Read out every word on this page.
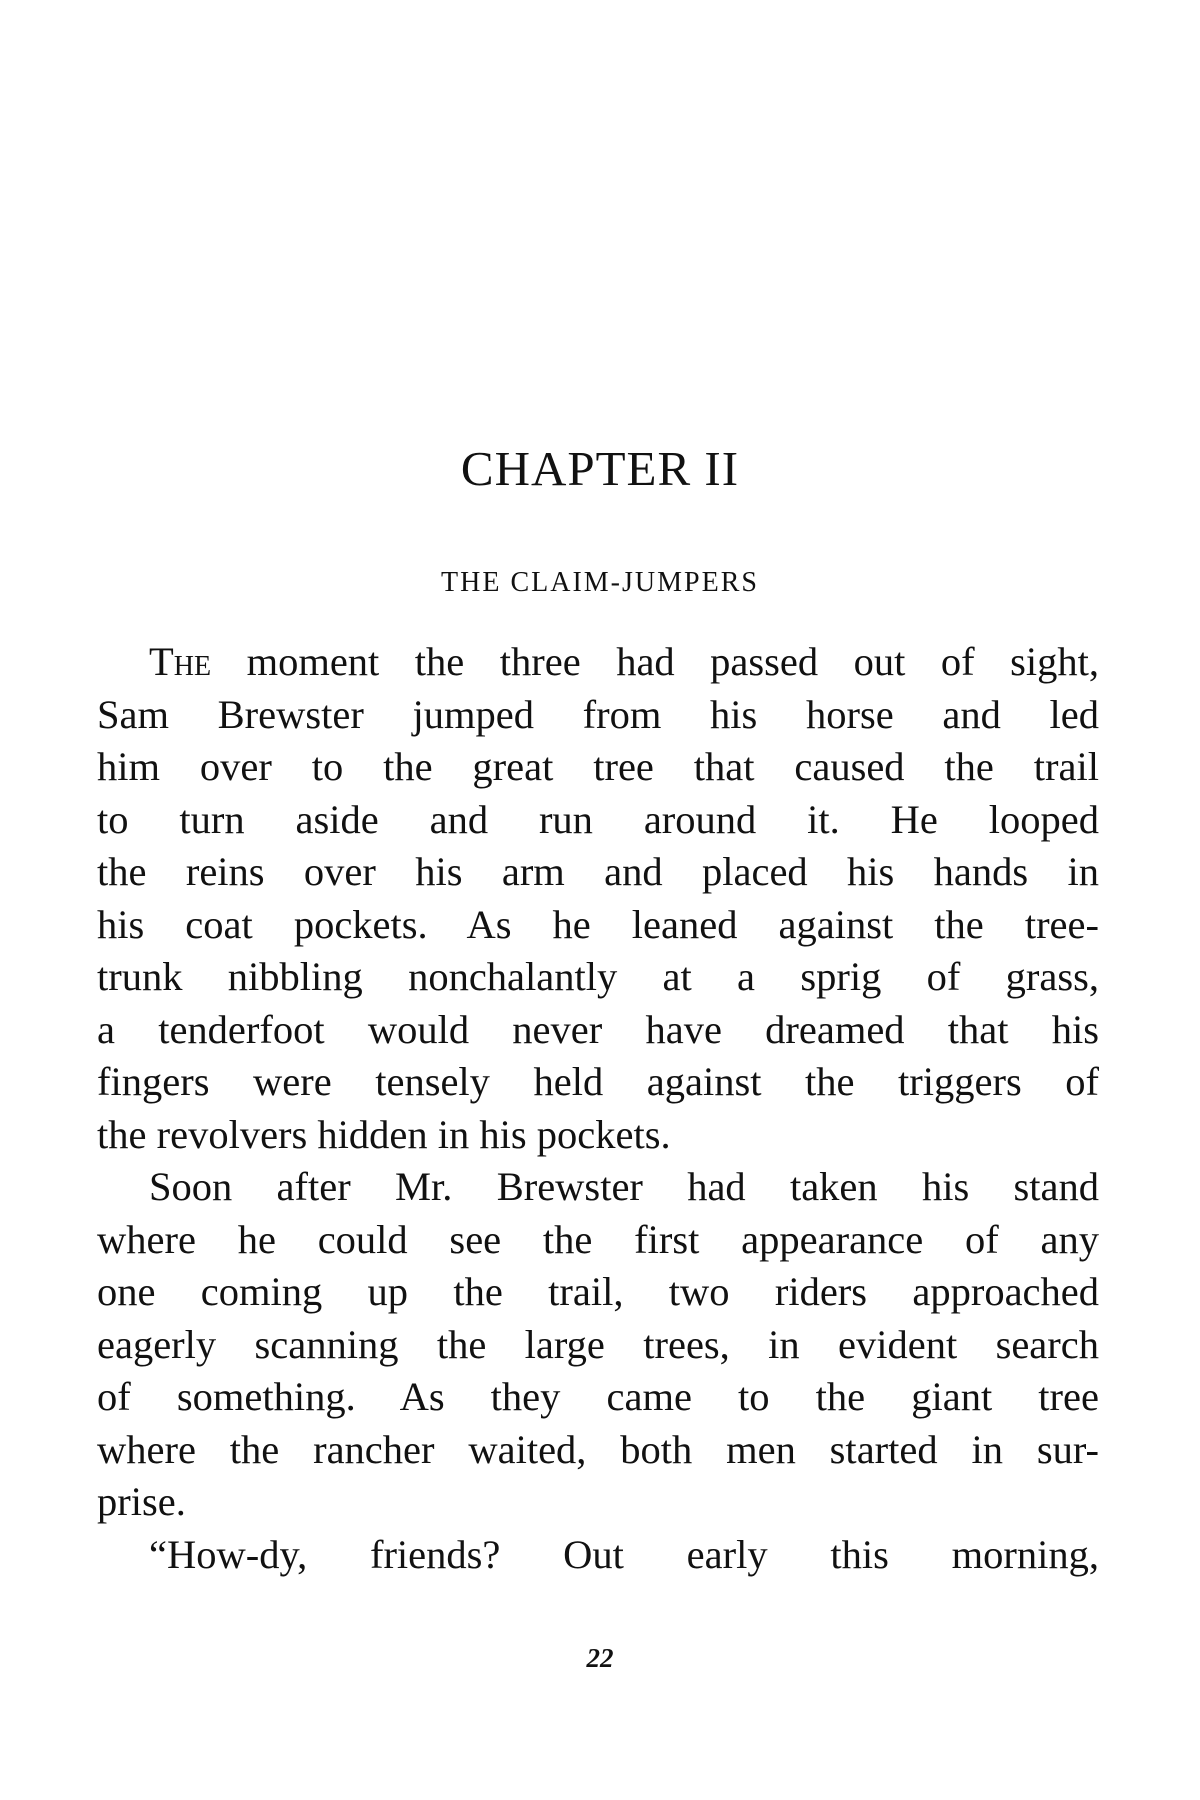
CHAPTER II
THE CLAIM-JUMPERS

The moment the three had passed out of sight,
Sam Brewster jumped from his horse and led
him over to the great tree that caused the trail
to turn aside and run around it. He looped
the reins over his arm and placed his hands in
his coat pockets. As he leaned against the tree-
trunk nibbling nonchalantly at a sprig of grass,
a tenderfoot would never have dreamed that his
fingers were tensely held against the triggers of
the revolvers hidden in his pockets.

Soon after Mr. Brewster had taken his stand
where he could see the first appearance of any
one coming up the trail, two riders approached
eagerly scanning the large trees, in evident search
of something. As they came to the giant tree
where the rancher waited, both men started in sur-
prise.

“How-dy, friends? Out early this morning,

22
